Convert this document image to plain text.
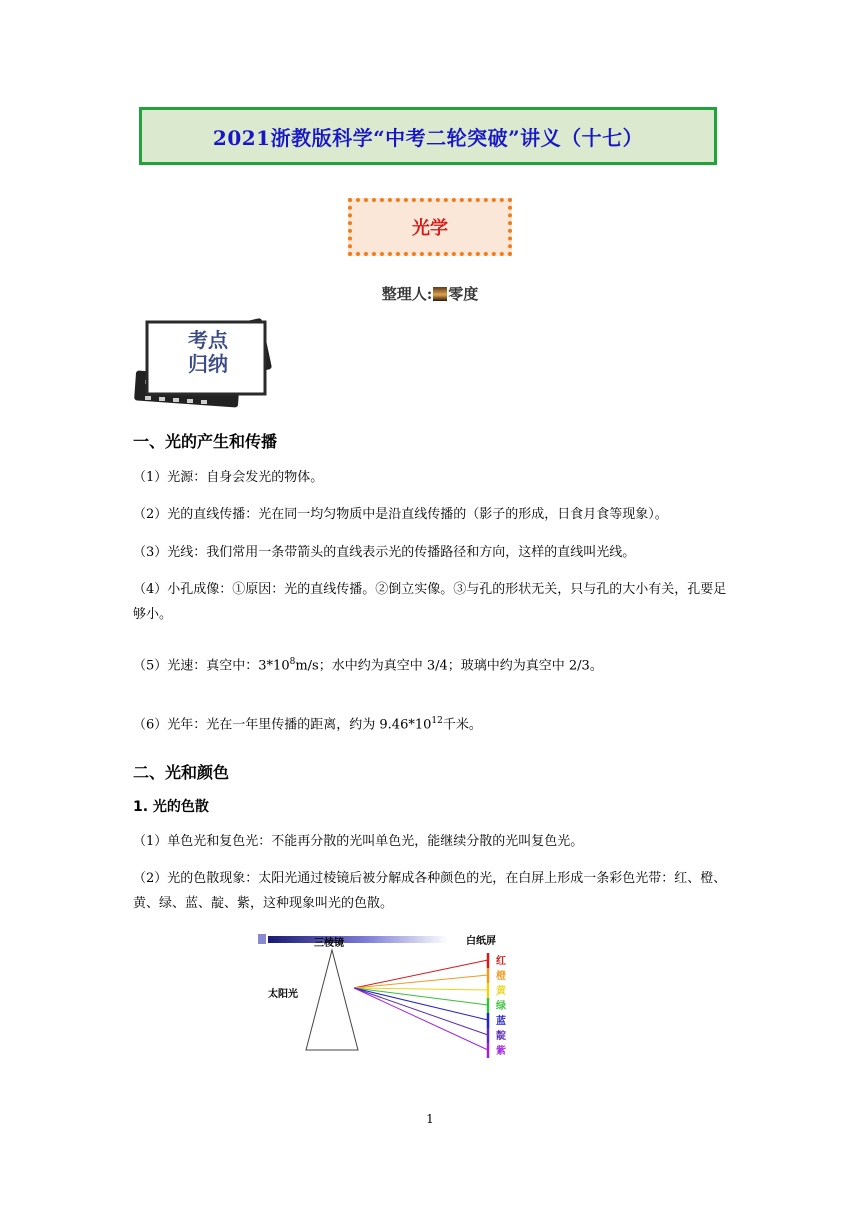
2021浙教版科学“中考二轮突破”讲义（十七）
光学
整理人: 零度
考点
归纳
一、光的产生和传播
（1）光源：自身会发光的物体。
（2）光的直线传播：光在同一均匀物质中是沿直线传播的（影子的形成，日食月食等现象）。
（3）光线：我们常用一条带箭头的直线表示光的传播路径和方向，这样的直线叫光线。
（4）小孔成像：①原因：光的直线传播。②倒立实像。③与孔的形状无关，只与孔的大小有关，孔要足够小。
（5）光速：真空中：$3*10^8m/s$；水中约为真空中 3/4；玻璃中约为真空中 2/3。
（6）光年：光在一年里传播的距离，约为 $9.46*10^{12}$千米。
二、光和颜色
1. 光的色散
（1）单色光和复色光：不能再分散的光叫单色光，能继续分散的光叫复色光。
（2）光的色散现象：太阳光通过棱镜后被分解成各种颜色的光，在白屏上形成一条彩色光带：红、橙、黄、绿、蓝、靛、紫，这种现象叫光的色散。
三棱镜	白纸屏
太阳光
红
橙
黄
绿
蓝
靛
紫
1
